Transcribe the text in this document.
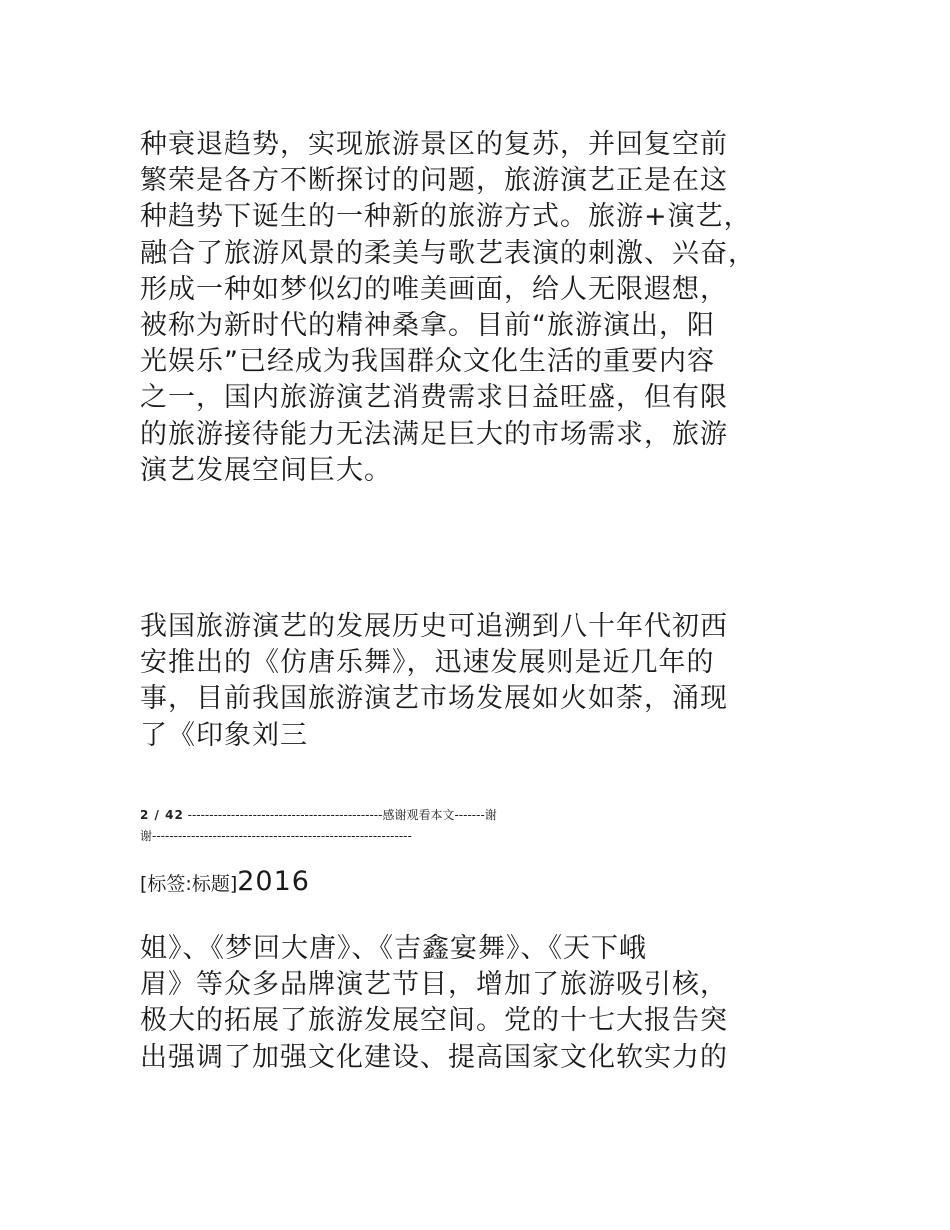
种衰退趋势，实现旅游景区的复苏，并回复空前
繁荣是各方不断探讨的问题，旅游演艺正是在这
种趋势下诞生的一种新的旅游方式。旅游+演艺，
融合了旅游风景的柔美与歌艺表演的刺激、兴奋，
形成一种如梦似幻的唯美画面，给人无限遐想，
被称为新时代的精神桑拿。目前“旅游演出，阳
光娱乐”已经成为我国群众文化生活的重要内容
之一，国内旅游演艺消费需求日益旺盛，但有限
的旅游接待能力无法满足巨大的市场需求，旅游
演艺发展空间巨大。
我国旅游演艺的发展历史可追溯到八十年代初西
安推出的《仿唐乐舞》，迅速发展则是近几年的
事，目前我国旅游演艺市场发展如火如荼，涌现
了《印象刘三
2 / 42 ---------------------------------------------感谢观看本文-------谢
谢------------------------------------------------------------
[标签:标题]2016
姐》、《梦回大唐》、《吉鑫宴舞》、《天下峨
眉》等众多品牌演艺节目，增加了旅游吸引核，
极大的拓展了旅游发展空间。党的十七大报告突
出强调了加强文化建设、提高国家文化软实力的
